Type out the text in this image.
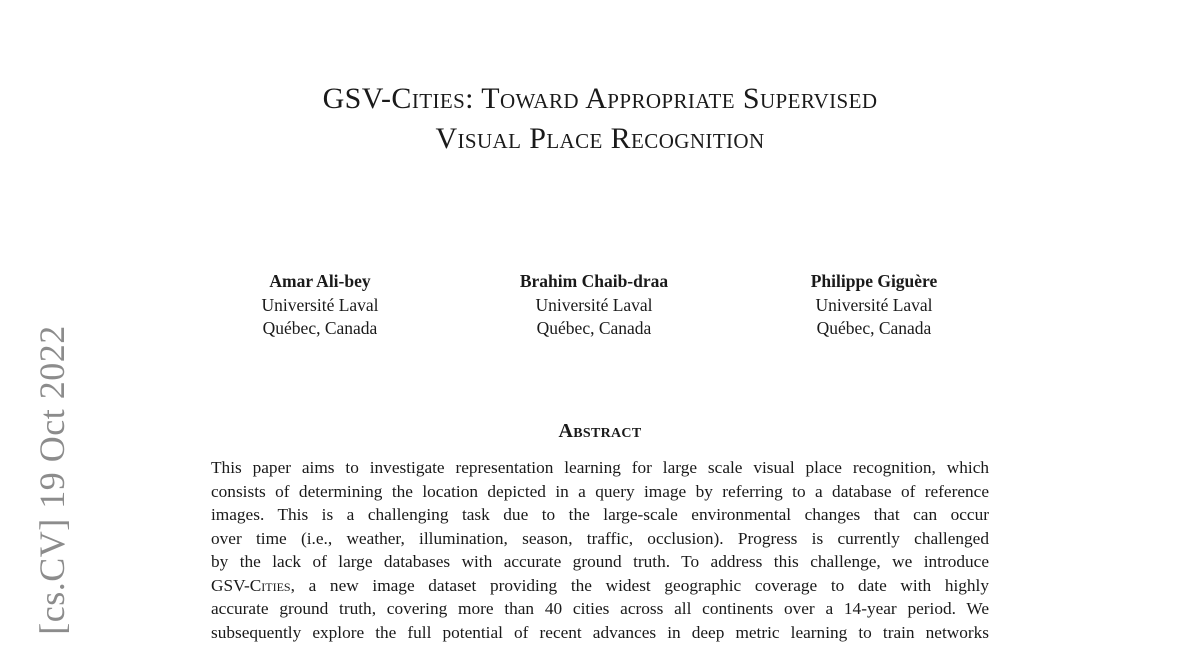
[cs.CV] 19 Oct 2022
GSV-Cities: Toward Appropriate Supervised
Visual Place Recognition
Amar Ali-bey
Université Laval
Québec, Canada
Brahim Chaib-draa
Université Laval
Québec, Canada
Philippe Giguère
Université Laval
Québec, Canada
Abstract
This paper aims to investigate representation learning for large scale visual place recognition, which
consists of determining the location depicted in a query image by referring to a database of reference
images. This is a challenging task due to the large-scale environmental changes that can occur
over time (i.e., weather, illumination, season, traffic, occlusion). Progress is currently challenged
by the lack of large databases with accurate ground truth. To address this challenge, we introduce
GSV-Cities, a new image dataset providing the widest geographic coverage to date with highly
accurate ground truth, covering more than 40 cities across all continents over a 14-year period. We
subsequently explore the full potential of recent advances in deep metric learning to train networks
